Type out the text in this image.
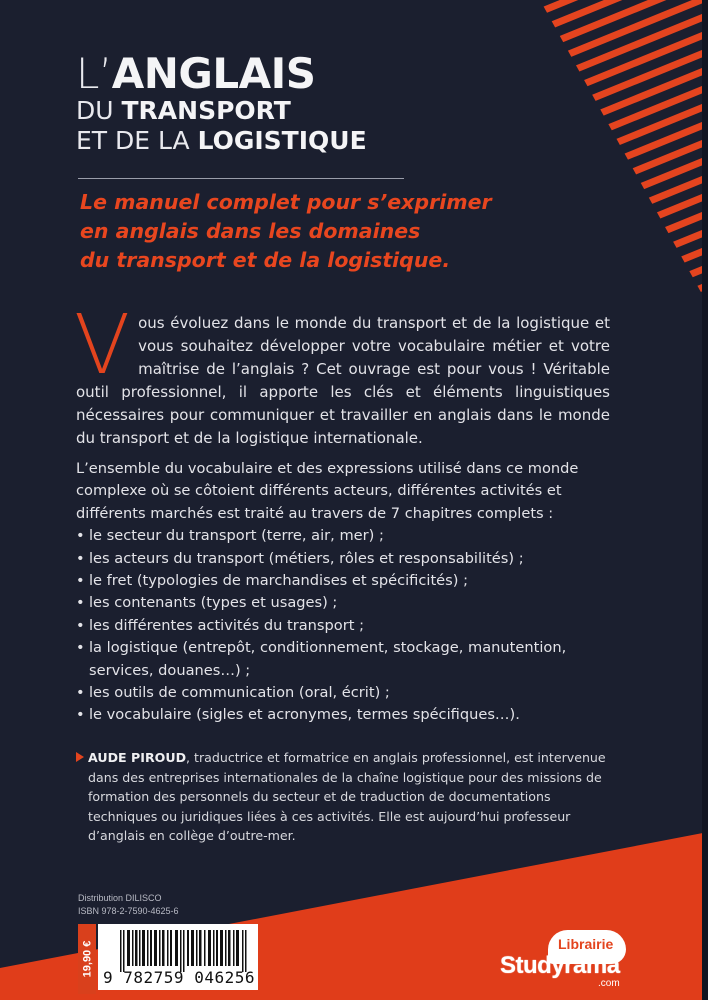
L’ANGLAIS
DU TRANSPORT
ET DE LA LOGISTIQUE
Le manuel complet pour s’exprimer
en anglais dans les domaines
du transport et de la logistique.
Vous évoluez dans le monde du transport et de la logistique et vous souhaitez développer votre vocabulaire métier et votre maîtrise de l’anglais ? Cet ouvrage est pour vous ! Véritable outil professionnel, il apporte les clés et éléments linguistiques nécessaires pour communiquer et travailler en anglais dans le monde du transport et de la logistique internationale.

L’ensemble du vocabulaire et des expressions utilisé dans ce monde complexe où se côtoient différents acteurs, différentes activités et différents marchés est traité au travers de 7 chapitres complets :

• le secteur du transport (terre, air, mer) ;
• les acteurs du transport (métiers, rôles et responsabilités) ;
• le fret (typologies de marchandises et spécificités) ;
• les contenants (types et usages) ;
• les différentes activités du transport ;
• la logistique (entrepôt, conditionnement, stockage, manutention, services, douanes…) ;
• les outils de communication (oral, écrit) ;
• le vocabulaire (sigles et acronymes, termes spécifiques…).
AUDE PIROUD, traductrice et formatrice en anglais professionnel, est intervenue dans des entreprises internationales de la chaîne logistique pour des missions de formation des personnels du secteur et de traduction de documentations techniques ou juridiques liées à ces activités. Elle est aujourd’hui professeur d’anglais en collège d’outre-mer.
Distribution DILISCO
ISBN 978-2-7590-4625-6
19,90 €
9 782759 046256
Librairie
Studyrama
.com
